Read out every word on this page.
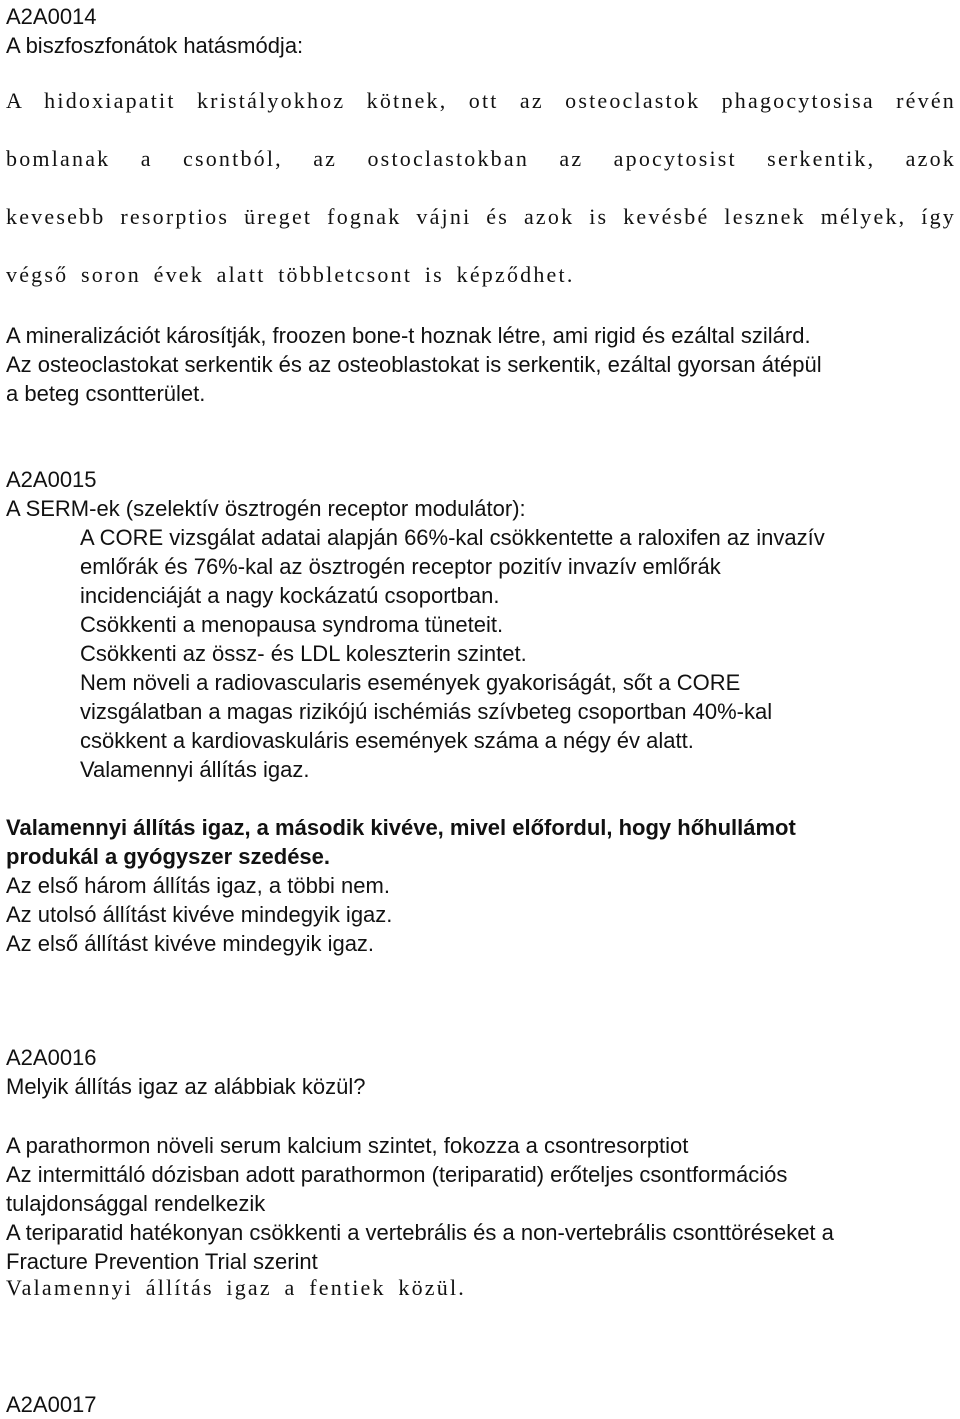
A2A0014
A biszfoszfonátok hatásmódja:
A hidoxiapatit kristályokhoz kötnek, ott az osteoclastok phagocytosisa révén
bomlanak a csontból, az ostoclastokban az apocytosist serkentik, azok
kevesebb resorptios üreget fognak vájni és azok is kevésbé lesznek mélyek, így
végső soron évek alatt többletcsont is képződhet.
A mineralizációt károsítják, froozen bone-t hoznak létre, ami rigid és ezáltal szilárd.
Az osteoclastokat serkentik és az osteoblastokat is serkentik, ezáltal gyorsan átépül
a beteg csontterület.
A2A0015
A SERM-ek (szelektív ösztrogén receptor modulátor):
A CORE vizsgálat adatai alapján 66%-kal csökkentette a raloxifen az invazív
emlőrák és 76%-kal az ösztrogén receptor pozitív invazív emlőrák
incidenciáját a nagy kockázatú csoportban.
Csökkenti a menopausa syndroma tüneteit.
Csökkenti az össz- és LDL koleszterin szintet.
Nem növeli a radiovascularis események gyakoriságát, sőt a CORE
vizsgálatban a magas rizikójú ischémiás szívbeteg csoportban 40%-kal
csökkent a kardiovaskuláris események száma a négy év alatt.
Valamennyi állítás igaz.
Valamennyi állítás igaz, a második kivéve, mivel előfordul, hogy hőhullámot
produkál a gyógyszer szedése.
Az első három állítás igaz, a többi nem.
Az utolsó állítást kivéve mindegyik igaz.
Az első állítást kivéve mindegyik igaz.
A2A0016
Melyik állítás igaz az alábbiak közül?
A parathormon növeli serum kalcium szintet, fokozza a csontresorptiot
Az intermittáló dózisban adott parathormon (teriparatid) erőteljes csontformációs
tulajdonsággal rendelkezik
A teriparatid hatékonyan csökkenti a vertebrális és a non-vertebrális csonttöréseket a
Fracture Prevention Trial szerint
Valamennyi állítás igaz a fentiek közül.
A2A0017
